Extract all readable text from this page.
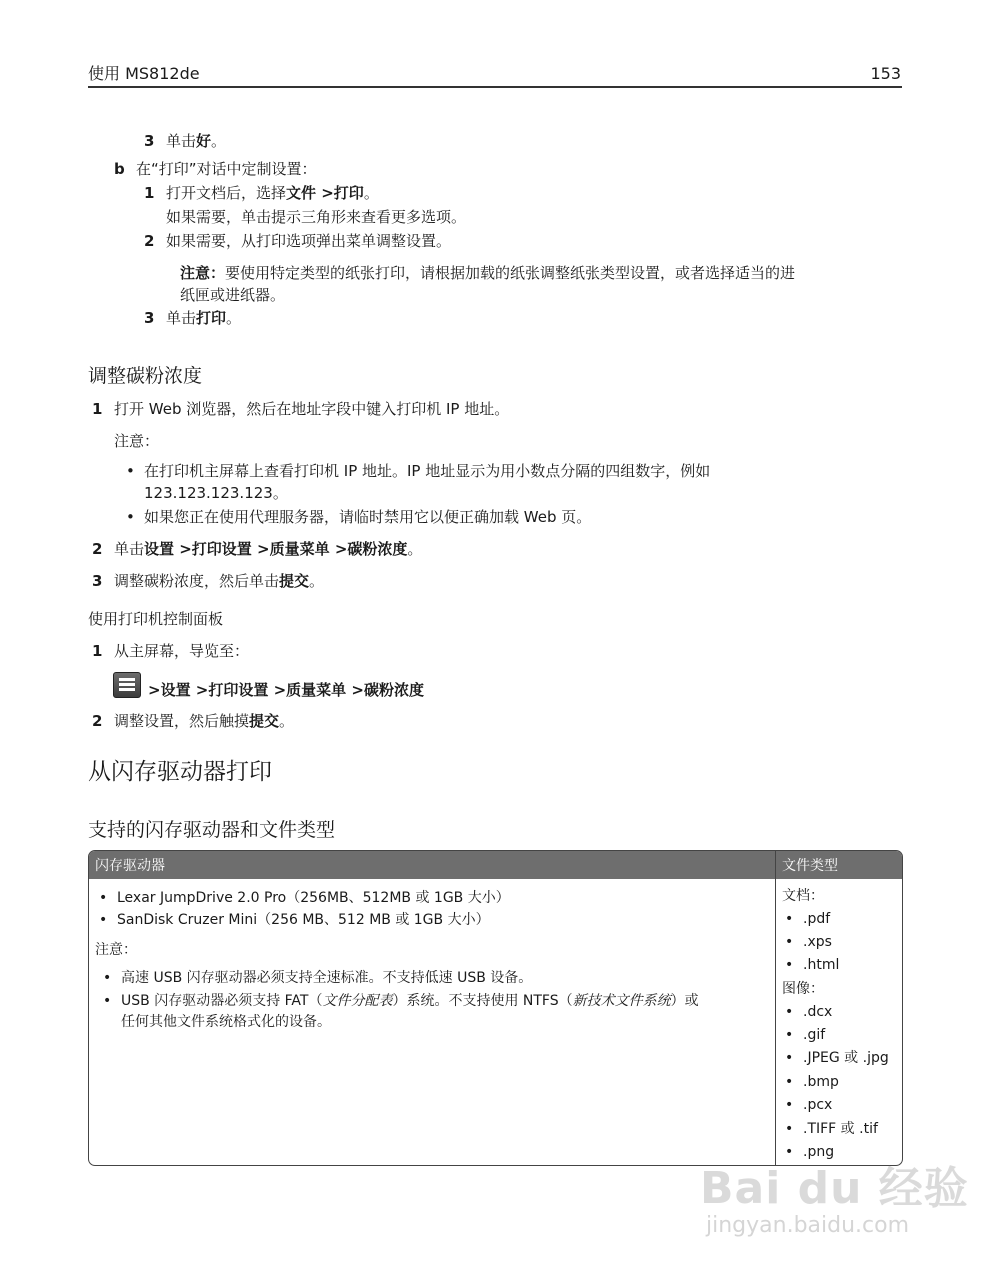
使用 MS812de	153
3 单击好。
b 在“打印”对话中定制设置：
1 打开文档后，选择文件 >打印。
如果需要，单击提示三角形来查看更多选项。
2 如果需要，从打印选项弹出菜单调整设置。
注意：要使用特定类型的纸张打印，请根据加载的纸张调整纸张类型设置，或者选择适当的进
纸匣或进纸器。
3 单击打印。
调整碳粉浓度
1 打开 Web 浏览器，然后在地址字段中键入打印机 IP 地址。
注意：
• 在打印机主屏幕上查看打印机 IP 地址。IP 地址显示为用小数点分隔的四组数字，例如
123.123.123.123。
• 如果您正在使用代理服务器，请临时禁用它以便正确加载 Web 页。
2 单击设置 >打印设置 >质量菜单 >碳粉浓度。
3 调整碳粉浓度，然后单击提交。
使用打印机控制面板
1 从主屏幕，导览至：
>设置 >打印设置 >质量菜单 >碳粉浓度
2 调整设置，然后触摸提交。
从闪存驱动器打印
支持的闪存驱动器和文件类型
闪存驱动器	文件类型
• Lexar JumpDrive 2.0 Pro（256MB、512MB 或 1GB 大小）
• SanDisk Cruzer Mini（256 MB、512 MB 或 1GB 大小）
注意：
• 高速 USB 闪存驱动器必须支持全速标准。不支持低速 USB 设备。
• USB 闪存驱动器必须支持 FAT（文件分配表）系统。不支持使用 NTFS（新技术文件系统）或
任何其他文件系统格式化的设备。
文档：
• .pdf
• .xps
• .html
图像：
• .dcx
• .gif
• .JPEG 或 .jpg
• .bmp
• .pcx
• .TIFF 或 .tif
• .png
Bai du 经验
jingyan.baidu.com
